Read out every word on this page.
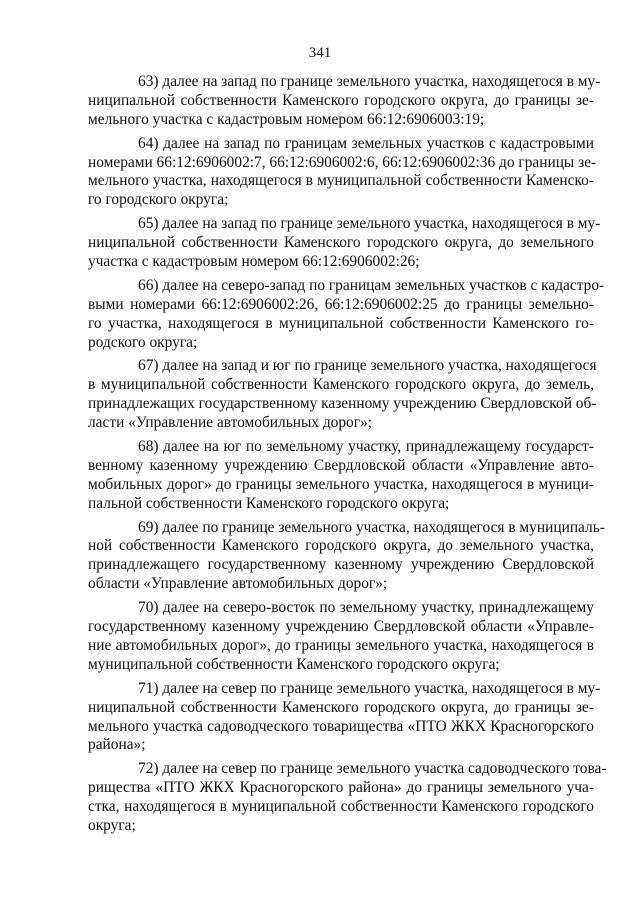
341
63) далее на запад по границе земельного участка, находящегося в му-
ниципальной собственности Каменского городского округа, до границы зе-
мельного участка с кадастровым номером 66:12:6906003:19;
64) далее на запад по границам земельных участков с кадастровыми
номерами 66:12:6906002:7, 66:12:6906002:6, 66:12:6906002:36 до границы зе-
мельного участка, находящегося в муниципальной собственности Каменско-
го городского округа;
65) далее на запад по границе земельного участка, находящегося в му-
ниципальной собственности Каменского городского округа, до земельного
участка с кадастровым номером 66:12:6906002:26;
66) далее на северо-запад по границам земельных участков с кадастро-
выми номерами 66:12:6906002:26, 66:12:6906002:25 до границы земельно-
го участка, находящегося в муниципальной собственности Каменского го-
родского округа;
67) далее на запад и юг по границе земельного участка, находящегося
в муниципальной собственности Каменского городского округа, до земель,
принадлежащих государственному казенному учреждению Свердловской об-
ласти «Управление автомобильных дорог»;
68) далее на юг по земельному участку, принадлежащему государст-
венному казенному учреждению Свердловской области «Управление авто-
мобильных дорог» до границы земельного участка, находящегося в муници-
пальной собственности Каменского городского округа;
69) далее по границе земельного участка, находящегося в муниципаль-
ной собственности Каменского городского округа, до земельного участка,
принадлежащего государственному казенному учреждению Свердловской
области «Управление автомобильных дорог»;
70) далее на северо-восток по земельному участку, принадлежащему
государственному казенному учреждению Свердловской области «Управле-
ние автомобильных дорог», до границы земельного участка, находящегося в
муниципальной собственности Каменского городского округа;
71) далее на север по границе земельного участка, находящегося в му-
ниципальной собственности Каменского городского округа, до границы зе-
мельного участка садоводческого товарищества «ПТО ЖКХ Красногорского
района»;
72) далее на север по границе земельного участка садоводческого това-
рищества «ПТО ЖКХ Красногорского района» до границы земельного уча-
стка, находящегося в муниципальной собственности Каменского городского
округа;
